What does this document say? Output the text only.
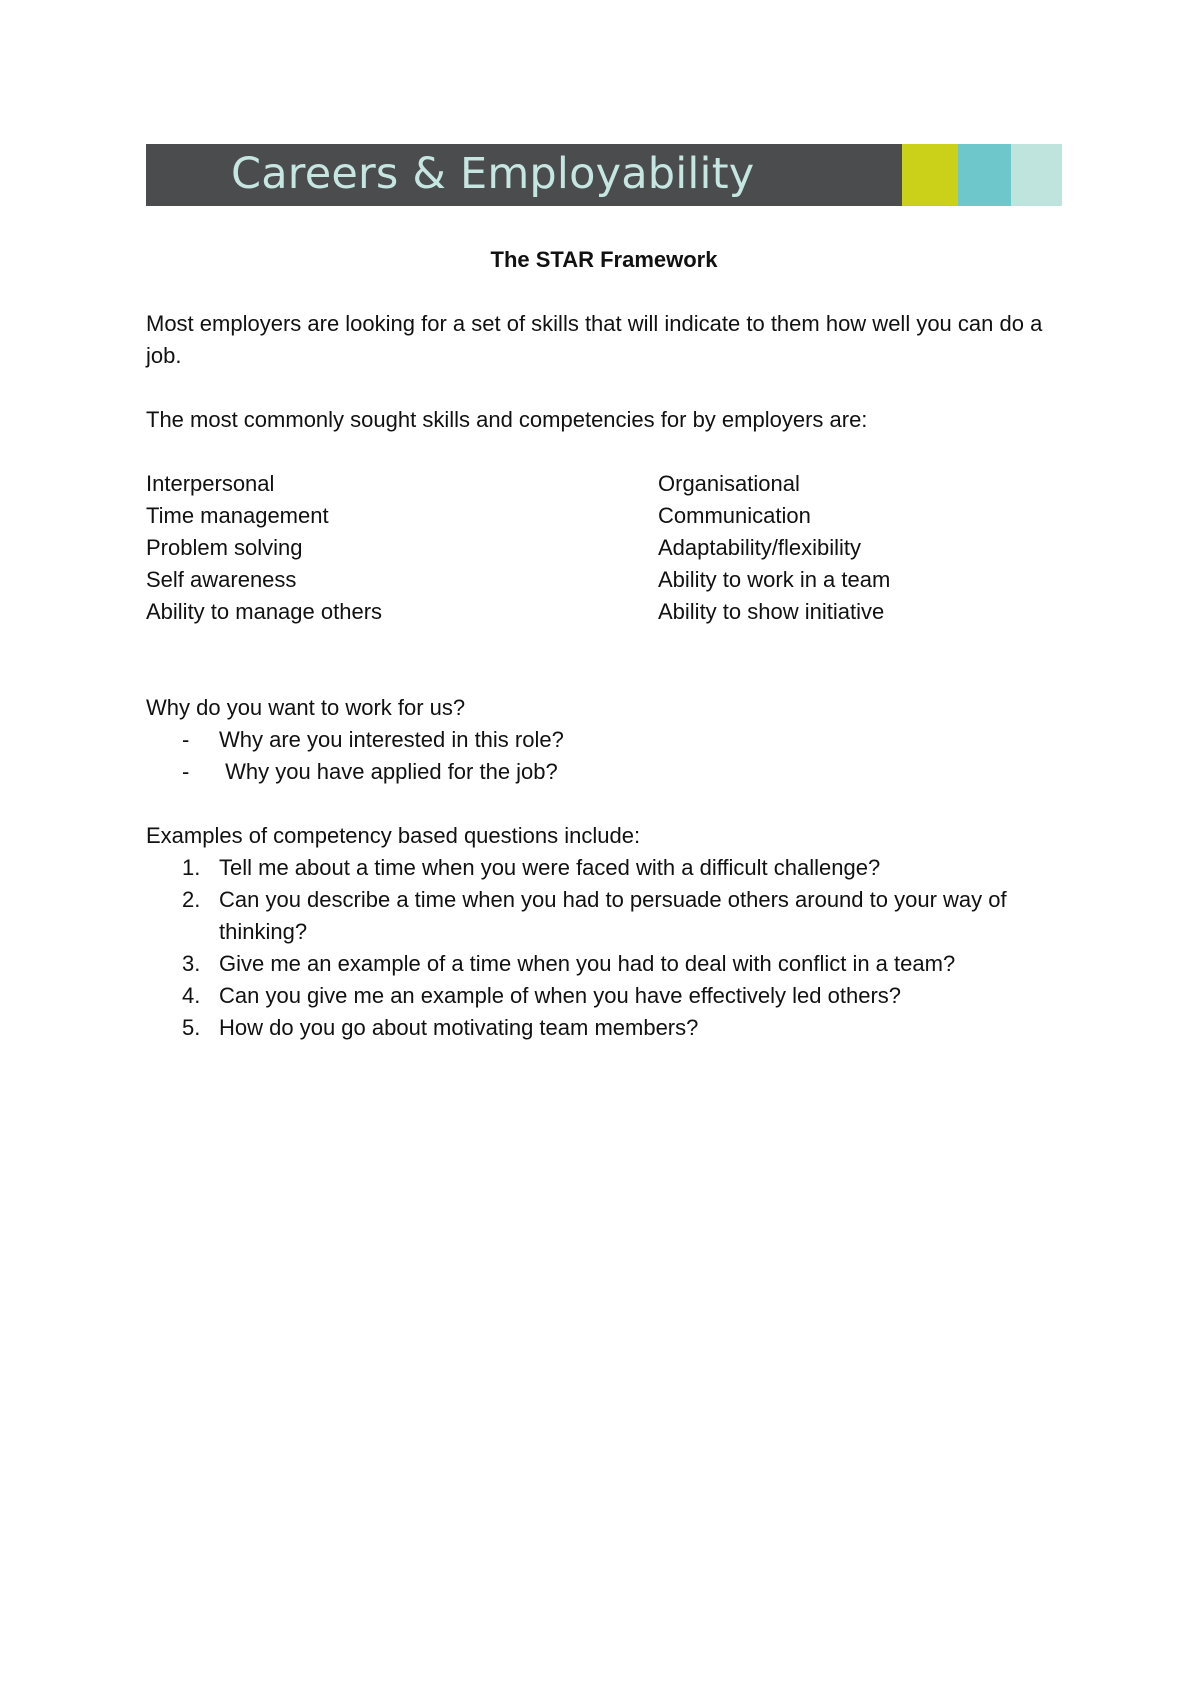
Careers & Employability
The STAR Framework

Most employers are looking for a set of skills that will indicate to them how well you can do a job.

The most commonly sought skills and competencies for by employers are:

Interpersonal	Organisational
Time management	Communication
Problem solving	Adaptability/flexibility
Self awareness	Ability to work in a team
Ability to manage others	Ability to show initiative

Why do you want to work for us?

- Why are you interested in this role?
- Why you have applied for the job?

Examples of competency based questions include:

1. Tell me about a time when you were faced with a difficult challenge?
2. Can you describe a time when you had to persuade others around to your way of thinking?
3. Give me an example of a time when you had to deal with conflict in a team?
4. Can you give me an example of when you have effectively led others?
5. How do you go about motivating team members?
